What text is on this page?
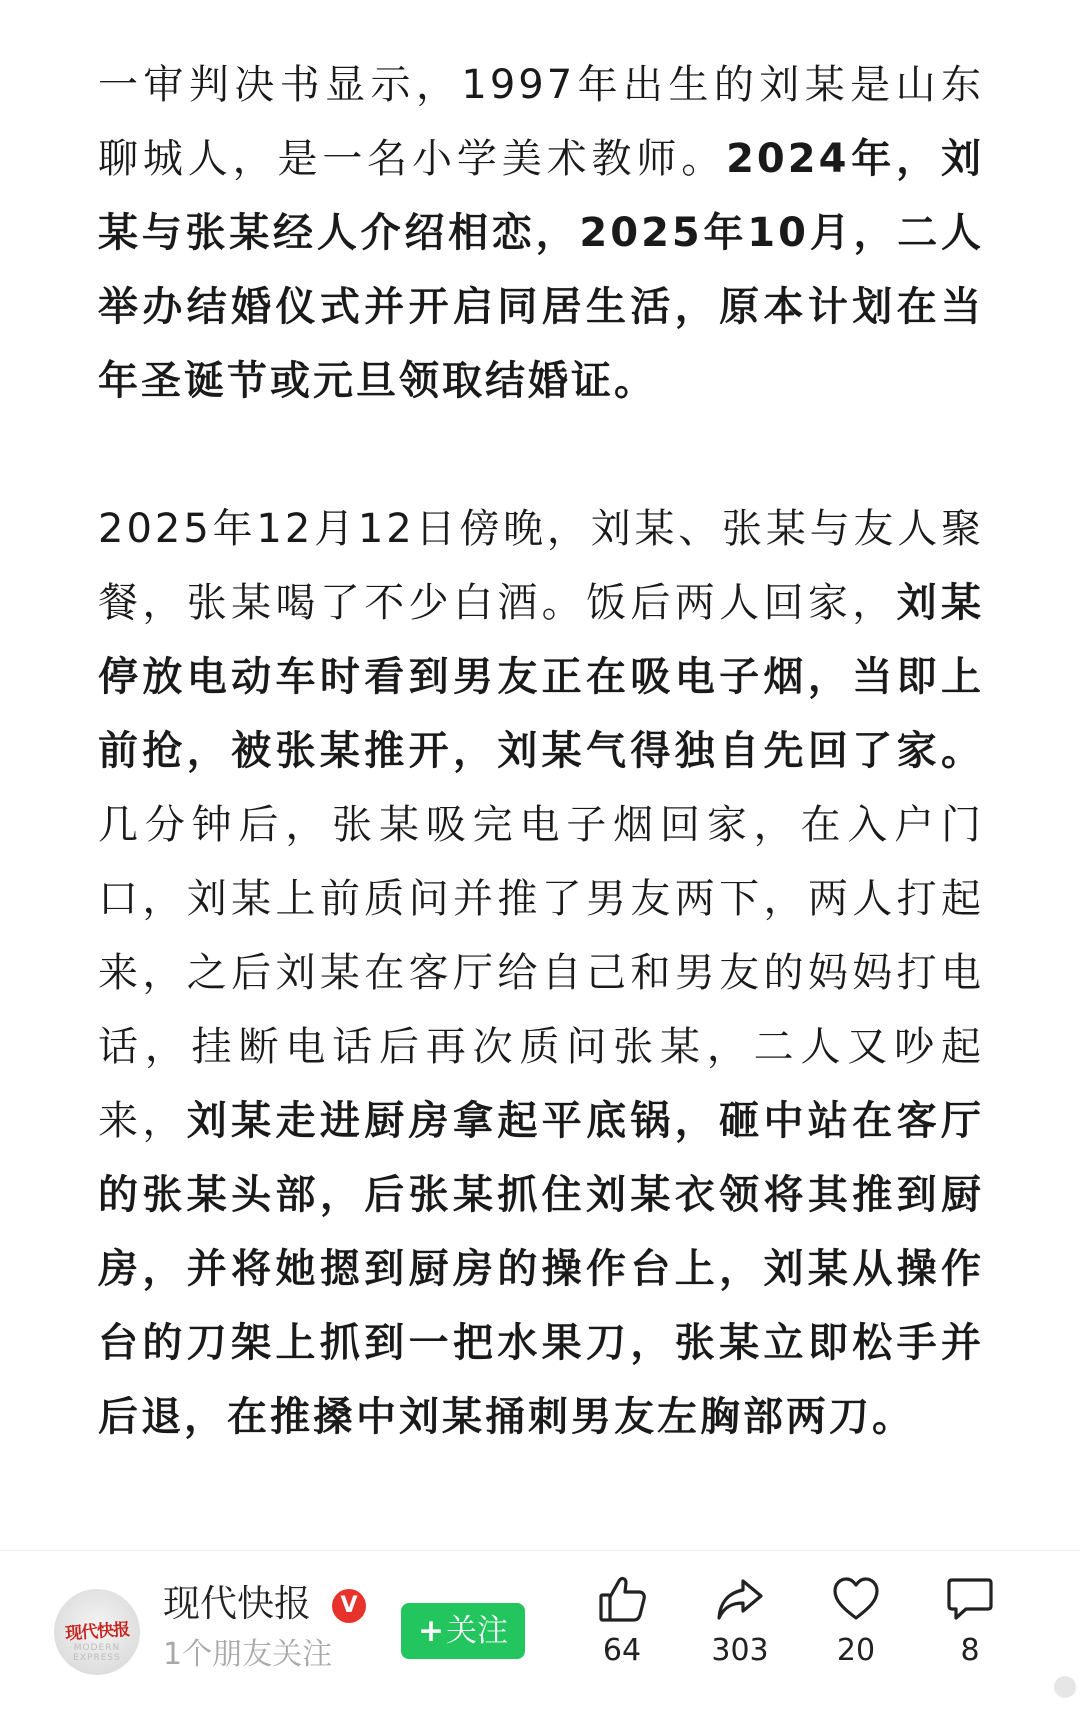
一审判决书显示，1997年出生的刘某是山东聊城人，是一名小学美术教师。2024年，刘某与张某经人介绍相恋，2025年10月，二人举办结婚仪式并开启同居生活，原本计划在当年圣诞节或元旦领取结婚证。

2025年12月12日傍晚，刘某、张某与友人聚餐，张某喝了不少白酒。饭后两人回家，刘某停放电动车时看到男友正在吸电子烟，当即上前抢，被张某推开，刘某气得独自先回了家。几分钟后，张某吸完电子烟回家，在入户门口，刘某上前质问并推了男友两下，两人打起来，之后刘某在客厅给自己和男友的妈妈打电话，挂断电话后再次质问张某，二人又吵起来，刘某走进厨房拿起平底锅，砸中站在客厅的张某头部，后张某抓住刘某衣领将其推到厨房，并将她摁到厨房的操作台上，刘某从操作台的刀架上抓到一把水果刀，张某立即松手并后退，在推搡中刘某捅刺男友左胸部两刀。

现代快报
MODERN EXPRESS
现代快报	V
1个朋友关注
+关注
64	303	20	8
